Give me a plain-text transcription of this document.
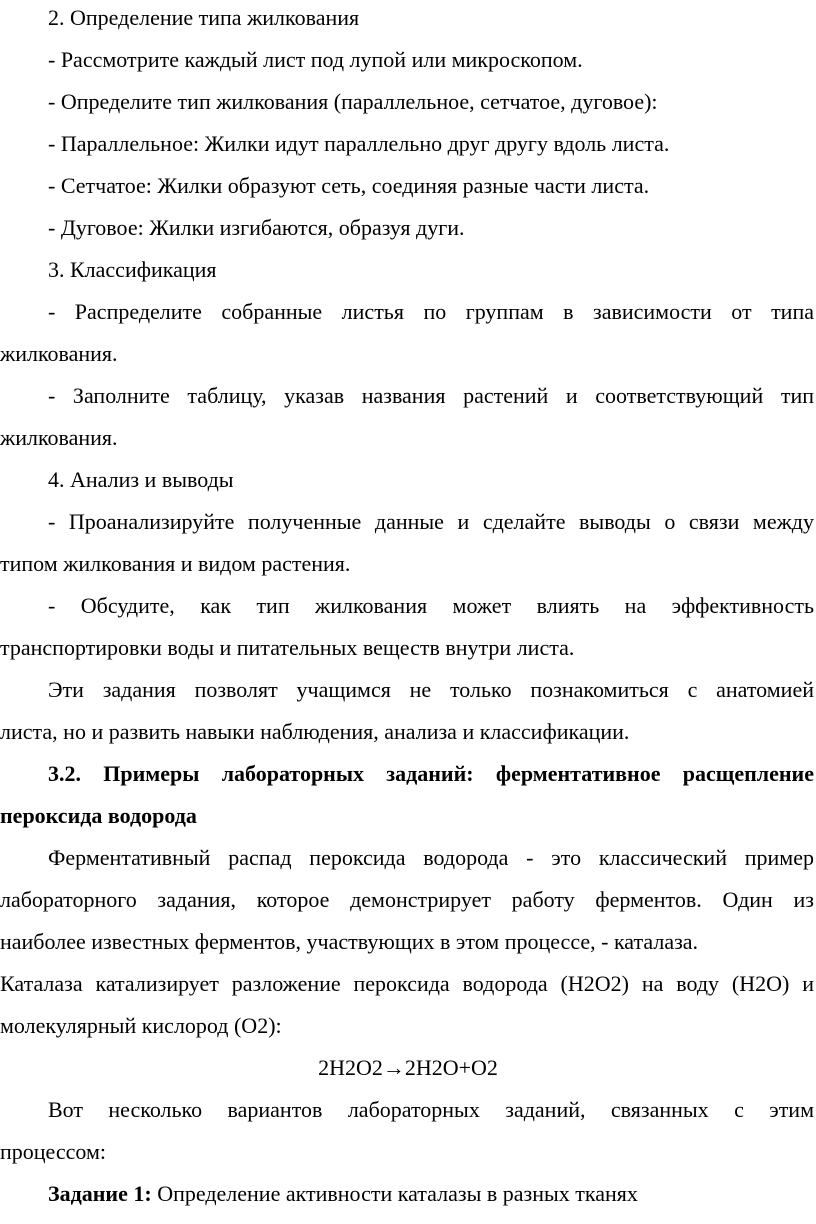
2. Определение типа жилкования
- Рассмотрите каждый лист под лупой или микроскопом.
- Определите тип жилкования (параллельное, сетчатое, дуговое):
- Параллельное: Жилки идут параллельно друг другу вдоль листа.
- Сетчатое: Жилки образуют сеть, соединяя разные части листа.
- Дуговое: Жилки изгибаются, образуя дуги.
3. Классификация
- Распределите собранные листья по группам в зависимости от типа
жилкования.
- Заполните таблицу, указав названия растений и соответствующий тип
жилкования.
4. Анализ и выводы
- Проанализируйте полученные данные и сделайте выводы о связи между
типом жилкования и видом растения.
- Обсудите, как тип жилкования может влиять на эффективность
транспортировки воды и питательных веществ внутри листа.
Эти задания позволят учащимся не только познакомиться с анатомией
листа, но и развить навыки наблюдения, анализа и классификации.
3.2. Примеры лабораторных заданий: ферментативное расщепление
пероксида водорода
Ферментативный распад пероксида водорода - это классический пример
лабораторного задания, которое демонстрирует работу ферментов. Один из
наиболее известных ферментов, участвующих в этом процессе, - каталаза.
Каталаза катализирует разложение пероксида водорода (H2O2) на воду (H2O) и
молекулярный кислород (O2):
2H2O2→2H2O+O2
Вот несколько вариантов лабораторных заданий, связанных с этим
процессом:
Задание 1: Определение активности каталазы в разных тканях
